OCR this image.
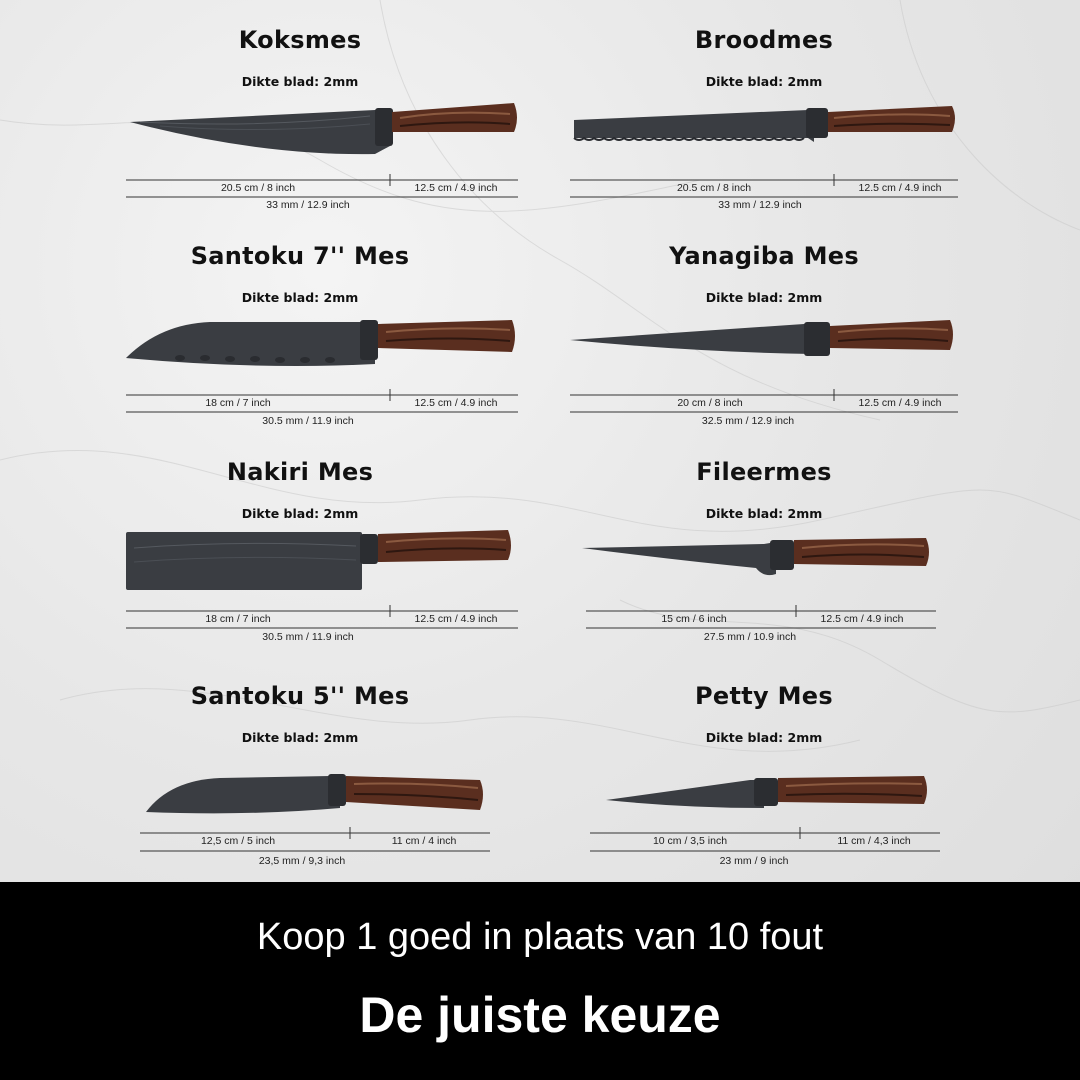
Koksmes
Dikte blad: 2mm
20.5 cm / 8 inch	12.5 cm / 4.9 inch
33 mm / 12.9 inch
Broodmes
Dikte blad: 2mm
20.5 cm / 8 inch	12.5 cm / 4.9 inch
33 mm / 12.9 inch
Santoku 7'' Mes
Dikte blad: 2mm
18 cm / 7 inch	12.5 cm / 4.9 inch
30.5 mm / 11.9 inch
Yanagiba Mes
Dikte blad: 2mm
20 cm / 8 inch	12.5 cm / 4.9 inch
32.5 mm / 12.9 inch
Nakiri Mes
Dikte blad: 2mm
18 cm / 7 inch	12.5 cm / 4.9 inch
30.5 mm / 11.9 inch
Fileermes
Dikte blad: 2mm
15 cm / 6 inch	12.5 cm / 4.9 inch
27.5 mm / 10.9 inch
Santoku 5'' Mes
Dikte blad: 2mm
12,5 cm / 5 inch	11 cm / 4 inch
23,5 mm / 9,3 inch
Petty Mes
Dikte blad: 2mm
10 cm / 3,5 inch	11 cm / 4,3 inch
23 mm / 9 inch
Koop 1 goed in plaats van 10 fout
De juiste keuze
